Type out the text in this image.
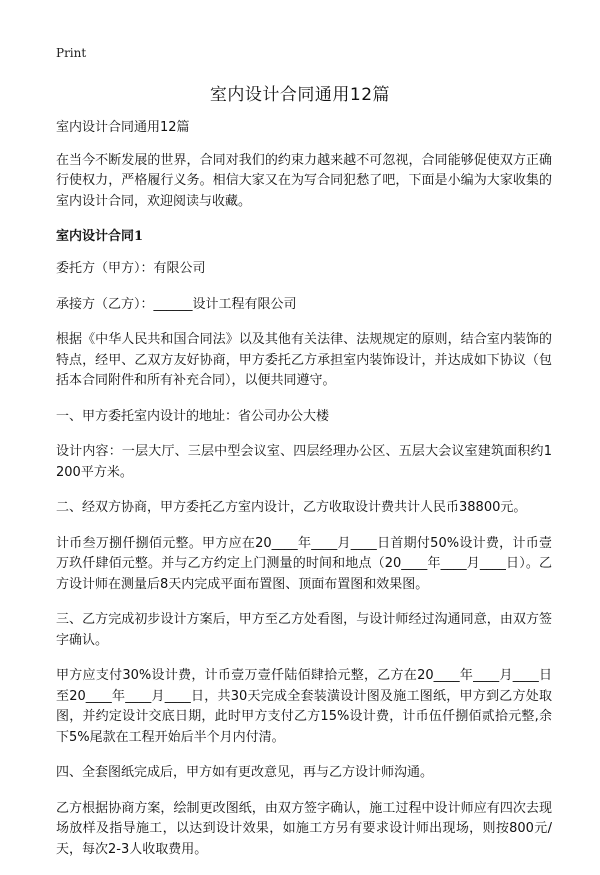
Print
室内设计合同通用12篇

室内设计合同通用12篇

在当今不断发展的世界，合同对我们的约束力越来越不可忽视，合同能够促使双方正确行使权力，严格履行义务。相信大家又在为写合同犯愁了吧，下面是小编为大家收集的室内设计合同，欢迎阅读与收藏。

室内设计合同1

委托方（甲方）：有限公司

承接方（乙方）：______设计工程有限公司

根据《中华人民共和国合同法》以及其他有关法律、法规规定的原则，结合室内装饰的特点，经甲、乙双方友好协商，甲方委托乙方承担室内装饰设计，并达成如下协议（包括本合同附件和所有补充合同），以便共同遵守。

一、甲方委托室内设计的地址：省公司办公大楼

设计内容：一层大厅、三层中型会议室、四层经理办公区、五层大会议室建筑面积约1200平方米。

二、经双方协商，甲方委托乙方室内设计，乙方收取设计费共计人民币38800元。

计币叁万捌仟捌佰元整。甲方应在20____年____月____日首期付50%设计费，计币壹万玖仟肆佰元整。并与乙方约定上门测量的时间和地点（20____年____月____日）。乙方设计师在测量后8天内完成平面布置图、顶面布置图和效果图。

三、乙方完成初步设计方案后，甲方至乙方处看图，与设计师经过沟通同意，由双方签字确认。

甲方应支付30%设计费，计币壹万壹仟陆佰肆拾元整，乙方在20____年____月____日至20____年____月____日，共30天完成全套装潢设计图及施工图纸，甲方到乙方处取图，并约定设计交底日期，此时甲方支付乙方15%设计费，计币伍仟捌佰贰拾元整,余下5%尾款在工程开始后半个月内付清。

四、全套图纸完成后，甲方如有更改意见，再与乙方设计师沟通。

乙方根据协商方案，绘制更改图纸，由双方签字确认，施工过程中设计师应有四次去现场放样及指导施工，以达到设计效果，如施工方另有要求设计师出现场，则按800元/天，每次2-3人收取费用。
